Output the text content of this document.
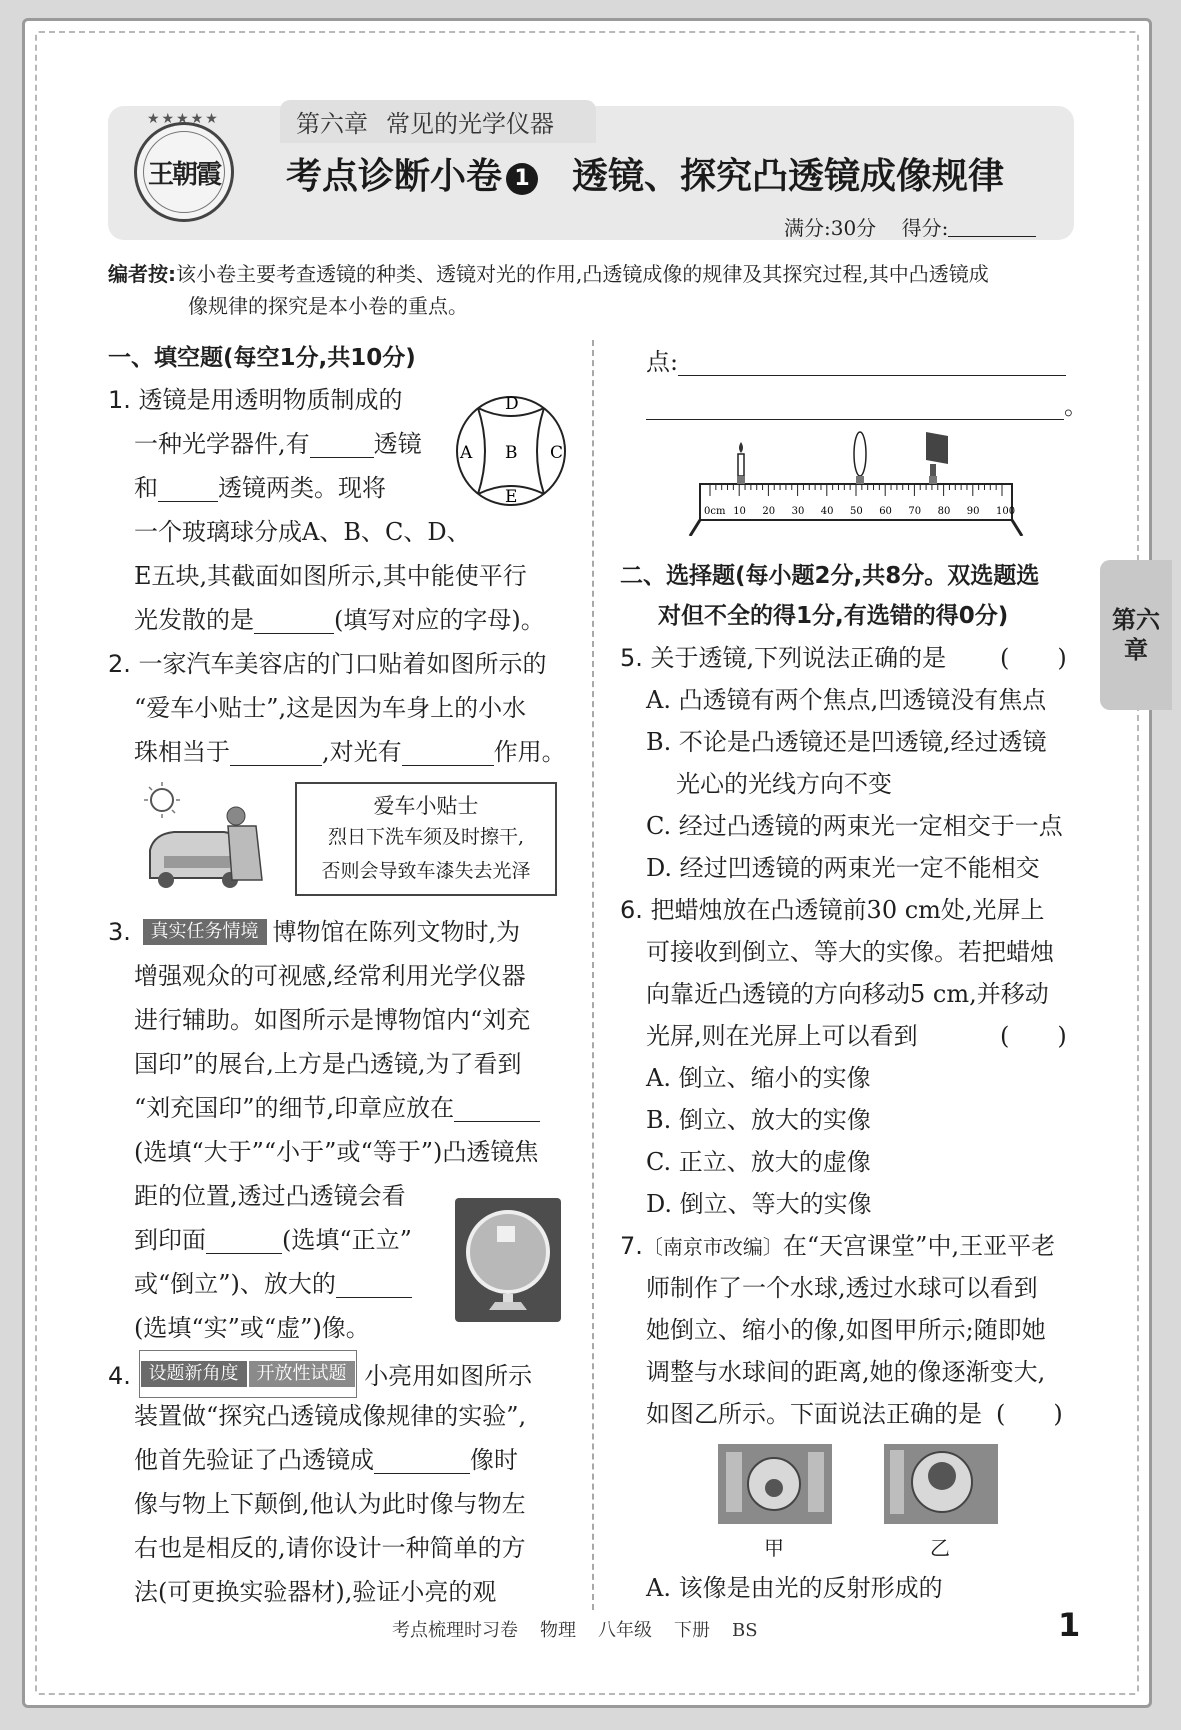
第六章 常见的光学仪器
★★★★★
王朝霞 考点诊断小卷 1 透镜、探究凸透镜成像规律
满分:30分 得分:
编者按:该小卷主要考查透镜的种类、透镜对光的作用,凸透镜成像的规律及其探究过程,其中凸透镜成
像规律的探究是本小卷的重点。
一、填空题(每空1分,共10分)
1. 透镜是用透明物质制成的
一种光学器件,有	透镜
和	透镜两类。现将
一个玻璃球分成A、B、C、D、
E五块,其截面如图所示,其中能使平行
光发散的是	(填写对应的字母)。
A B C
D
E
2. 一家汽车美容店的门口贴着如图所示的
“爱车小贴士”,这是因为车身上的小水
珠相当于	,对光有	作用。
爱车小贴士
烈日下洗车须及时擦干,
否则会导致车漆失去光泽
3. 真实任务情境 博物馆在陈列文物时,为
增强观众的可视感,经常利用光学仪器
进行辅助。如图所示是博物馆内“刘充
国印”的展台,上方是凸透镜,为了看到
“刘充国印”的细节,印章应放在
(选填“大于”“小于”或“等于”)凸透镜焦
距的位置,透过凸透镜会看
到印面	(选填“正立”
或“倒立”)、放大的
(选填“实”或“虚”)像。
4. 设题新角度 开放性试题 小亮用如图所示
装置做“探究凸透镜成像规律的实验”,
他首先验证了凸透镜成	像时
像与物上下颠倒,他认为此时像与物左
右也是相反的,请你设计一种简单的方
法(可更换实验器材),验证小亮的观
点:
。
0cm 10 20 30 40 50 60 70 80 90 100
二、选择题(每小题2分,共8分。双选题选
对但不全的得1分,有选错的得0分)
5. 关于透镜,下列说法正确的是 (　　)
A. 凸透镜有两个焦点,凹透镜没有焦点
B. 不论是凸透镜还是凹透镜,经过透镜
光心的光线方向不变
C. 经过凸透镜的两束光一定相交于一点
D. 经过凹透镜的两束光一定不能相交
6. 把蜡烛放在凸透镜前30 cm处,光屏上
可接收到倒立、等大的实像。若把蜡烛
向靠近凸透镜的方向移动5 cm,并移动
光屏,则在光屏上可以看到	(　　)
A. 倒立、缩小的实像
B. 倒立、放大的实像
C. 正立、放大的虚像
D. 倒立、等大的实像
7.〔南京市改编〕在“天宫课堂”中,王亚平老
师制作了一个水球,透过水球可以看到
她倒立、缩小的像,如图甲所示;随即她
调整与水球间的距离,她的像逐渐变大,
如图乙所示。下面说法正确的是 (　　)
甲	乙
A. 该像是由光的反射形成的
第六
章
考点梳理时习卷 物理 八年级 下册 BS	1
